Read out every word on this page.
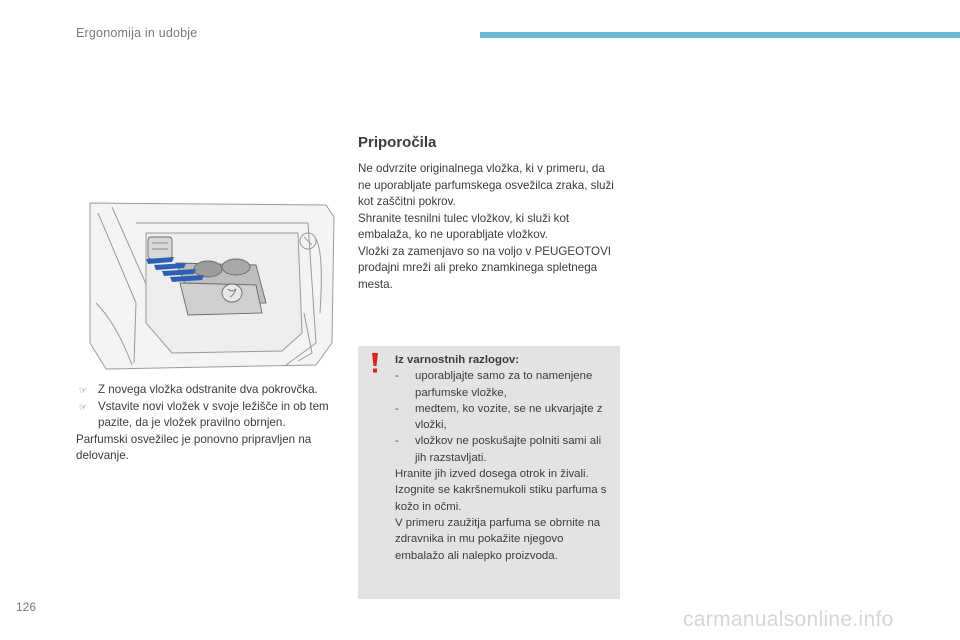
Ergonomija in udobje
☞ Z novega vložka odstranite dva pokrovčka.
☞ Vstavite novi vložek v svoje ležišče in ob tem pazite, da je vložek pravilno obrnjen.
Parfumski osvežilec je ponovno pripravljen na delovanje.
Priporočila

Ne odvrzite originalnega vložka, ki v primeru, da ne uporabljate parfumskega osvežilca zraka, služi kot zaščitni pokrov.

Shranite tesnilni tulec vložkov, ki služi kot embalaža, ko ne uporabljate vložkov.

Vložki za zamenjavo so na voljo v PEUGEOTOVI prodajni mreži ali preko znamkinega spletnega mesta.

Iz varnostnih razlogov:
- uporabljajte samo za to namenjene parfumske vložke,
- medtem, ko vozite, se ne ukvarjajte z vložki,
- vložkov ne poskušajte polniti sami ali jih razstavljati.

Hranite jih izved dosega otrok in živali.

Izognite se kakršnemukoli stiku parfuma s kožo in očmi.

V primeru zaužitja parfuma se obrnite na zdravnika in mu pokažite njegovo embalažo ali nalepko proizvoda.

126
carmanualsonline.info
